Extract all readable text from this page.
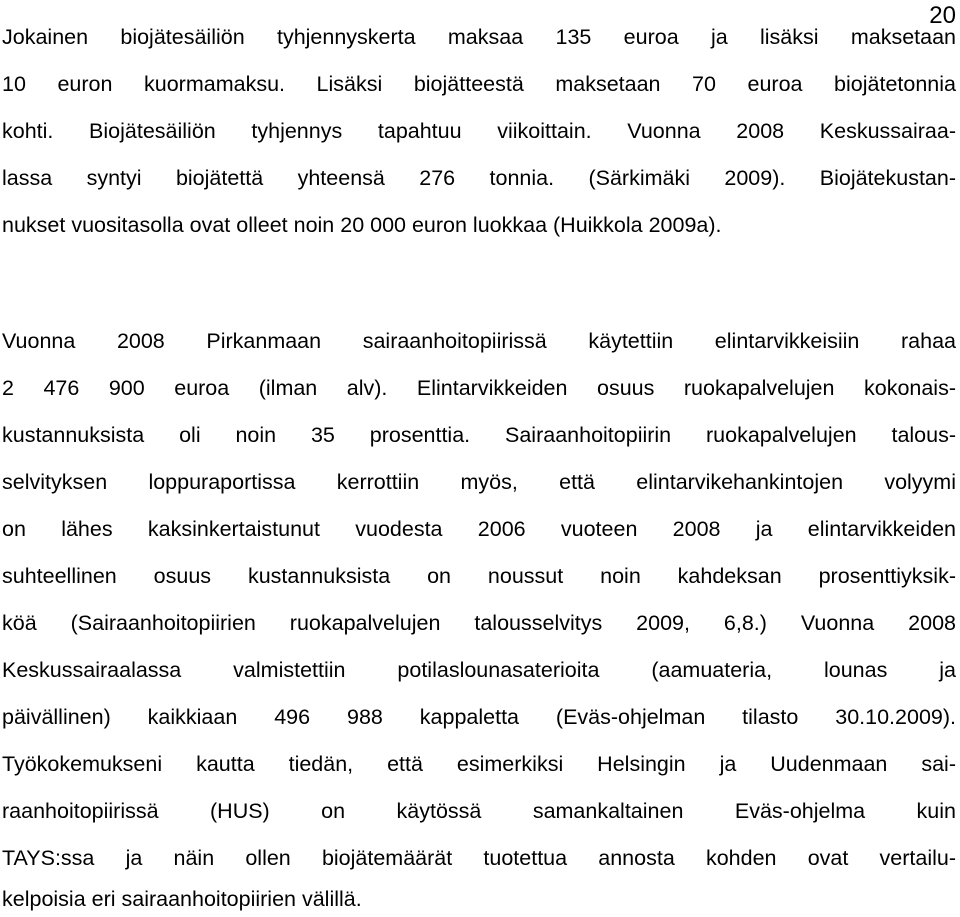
20
Jokainen biojätesäiliön tyhjennyskerta maksaa 135 euroa ja lisäksi maksetaan
10 euron kuormamaksu. Lisäksi biojätteestä maksetaan 70 euroa biojätetonnia
kohti. Biojätesäiliön tyhjennys tapahtuu viikoittain. Vuonna 2008 Keskussairaa-
lassa syntyi biojätettä yhteensä 276 tonnia. (Särkimäki 2009). Biojätekustan-
nukset vuositasolla ovat olleet noin 20 000 euron luokkaa (Huikkola 2009a).
Vuonna 2008 Pirkanmaan sairaanhoitopiirissä käytettiin elintarvikkeisiin rahaa
2 476 900 euroa (ilman alv). Elintarvikkeiden osuus ruokapalvelujen kokonais-
kustannuksista oli noin 35 prosenttia. Sairaanhoitopiirin ruokapalvelujen talous-
selvityksen loppuraportissa kerrottiin myös, että elintarvikehankintojen volyymi
on lähes kaksinkertaistunut vuodesta 2006 vuoteen 2008 ja elintarvikkeiden
suhteellinen osuus kustannuksista on noussut noin kahdeksan prosenttiyksik-
köä (Sairaanhoitopiirien ruokapalvelujen talousselvitys 2009, 6,8.) Vuonna 2008
Keskussairaalassa valmistettiin potilaslounasaterioita (aamuateria, lounas ja
päivällinen) kaikkiaan 496 988 kappaletta (Eväs-ohjelman tilasto 30.10.2009).
Työkokemukseni kautta tiedän, että esimerkiksi Helsingin ja Uudenmaan sai-
raanhoitopiirissä (HUS) on käytössä samankaltainen Eväs-ohjelma kuin
TAYS:ssa ja näin ollen biojätemäärät tuotettua annosta kohden ovat vertailu-
kelpoisia eri sairaanhoitopiirien välillä.
